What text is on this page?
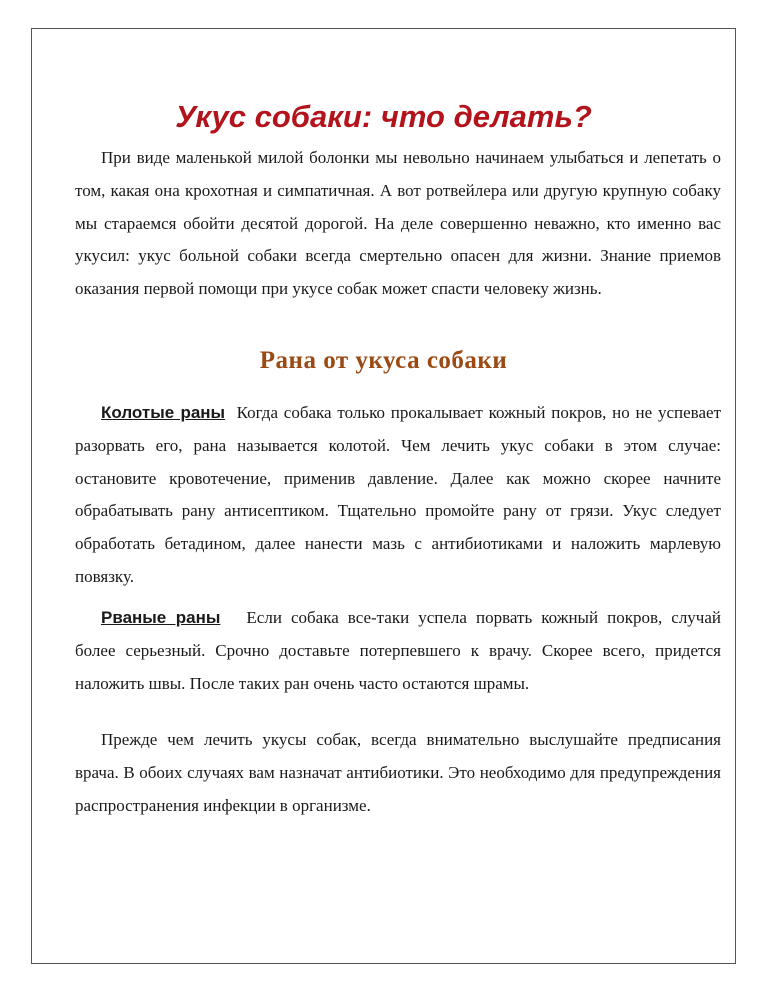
Укус собаки: что делать?
При виде маленькой милой болонки мы невольно начинаем улыбаться и лепетать о том, какая она крохотная и симпатичная. А вот ротвейлера или другую крупную собаку мы стараемся обойти десятой дорогой. На деле совершенно неважно, кто именно вас укусил: укус больной собаки всегда смертельно опасен для жизни. Знание приемов оказания первой помощи при укусе собак может спасти человеку жизнь.
Рана от укуса собаки
Колотые раны Когда собака только прокалывает кожный покров, но не успевает разорвать его, рана называется колотой. Чем лечить укус собаки в этом случае: остановите кровотечение, применив давление. Далее как можно скорее начните обрабатывать рану антисептиком. Тщательно промойте рану от грязи. Укус следует обработать бетадином, далее нанести мазь с антибиотиками и наложить марлевую повязку.
Рваные раны Если собака все-таки успела порвать кожный покров, случай более серьезный. Срочно доставьте потерпевшего к врачу. Скорее всего, придется наложить швы. После таких ран очень часто остаются шрамы.
Прежде чем лечить укусы собак, всегда внимательно выслушайте предписания врача. В обоих случаях вам назначат антибиотики. Это необходимо для предупреждения распространения инфекции в организме.
